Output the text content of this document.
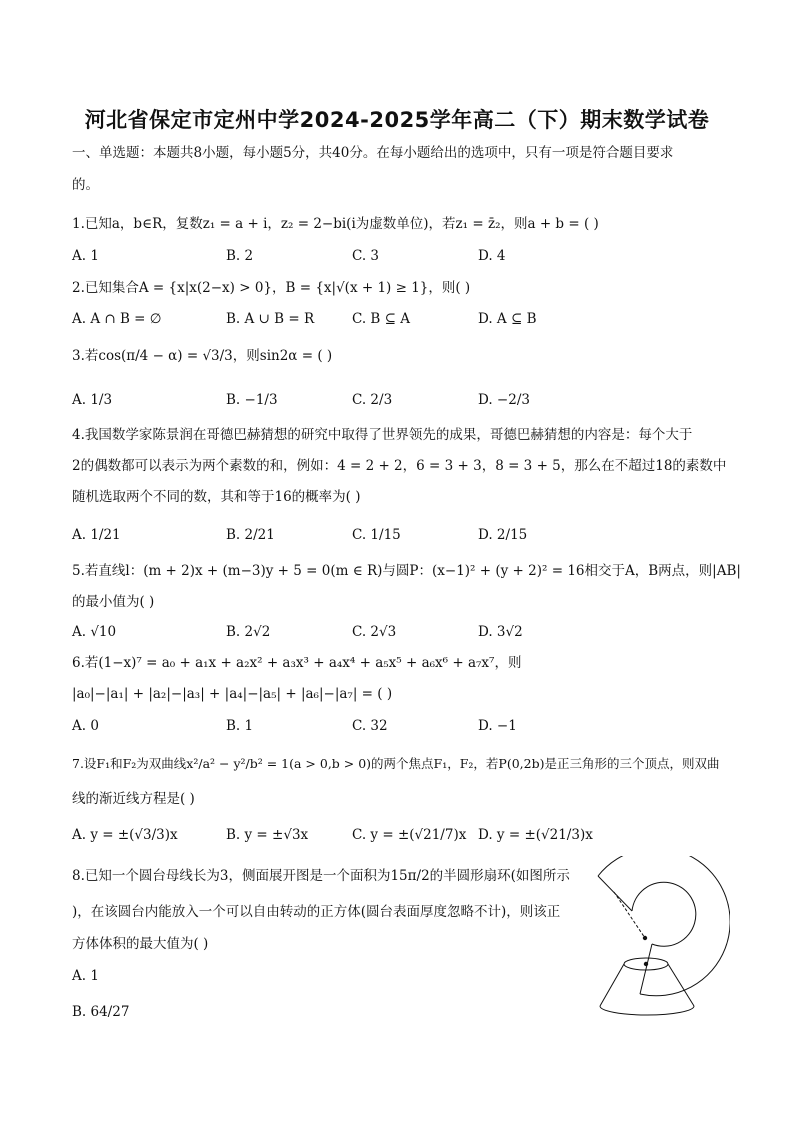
河北省保定市定州中学2024-2025学年高二（下）期末数学试卷
一、单选题：本题共8小题，每小题5分，共40分。在每小题给出的选项中，只有一项是符合题目要求
的。
1.已知a，b∈R，复数z₁ = a + i，z₂ = 2−bi(i为虚数单位)，若z₁ = z̄₂，则a + b = ( )
A. 1	B. 2	C. 3	D. 4
2.已知集合A = {x|x(2−x) > 0}，B = {x|√(x + 1) ≥ 1}，则( )
A. A ∩ B = ∅	B. A ∪ B = R	C. B ⊆ A	D. A ⊆ B
3.若cos(π/4 − α) = √3/3，则sin2α = ( )
A. 1/3	B. −1/3	C. 2/3	D. −2/3
4.我国数学家陈景润在哥德巴赫猜想的研究中取得了世界领先的成果，哥德巴赫猜想的内容是：每个大于
2的偶数都可以表示为两个素数的和，例如：4 = 2 + 2，6 = 3 + 3，8 = 3 + 5，那么在不超过18的素数中
随机选取两个不同的数，其和等于16的概率为( )
A. 1/21	B. 2/21	C. 1/15	D. 2/15
5.若直线l：(m + 2)x + (m−3)y + 5 = 0(m ∈ R)与圆P：(x−1)² + (y + 2)² = 16相交于A，B两点，则|AB|
的最小值为( )
A. √10	B. 2√2	C. 2√3	D. 3√2
6.若(1−x)⁷ = a₀ + a₁x + a₂x² + a₃x³ + a₄x⁴ + a₅x⁵ + a₆x⁶ + a₇x⁷，则
|a₀|−|a₁| + |a₂|−|a₃| + |a₄|−|a₅| + |a₆|−|a₇| = ( )
A. 0	B. 1	C. 32	D. −1
7.设F₁和F₂为双曲线x²/a² − y²/b² = 1(a > 0,b > 0)的两个焦点F₁，F₂，若P(0,2b)是正三角形的三个顶点，则双曲
线的渐近线方程是( )
A. y = ±(√3/3)x	B. y = ±√3x	C. y = ±(√21/7)x D. y = ±(√21/3)x
8.已知一个圆台母线长为3，侧面展开图是一个面积为15π/2的半圆形扇环(如图所示
)，在该圆台内能放入一个可以自由转动的正方体(圆台表面厚度忽略不计)，则该正
方体体积的最大值为( )
A. 1
B. 64/27
